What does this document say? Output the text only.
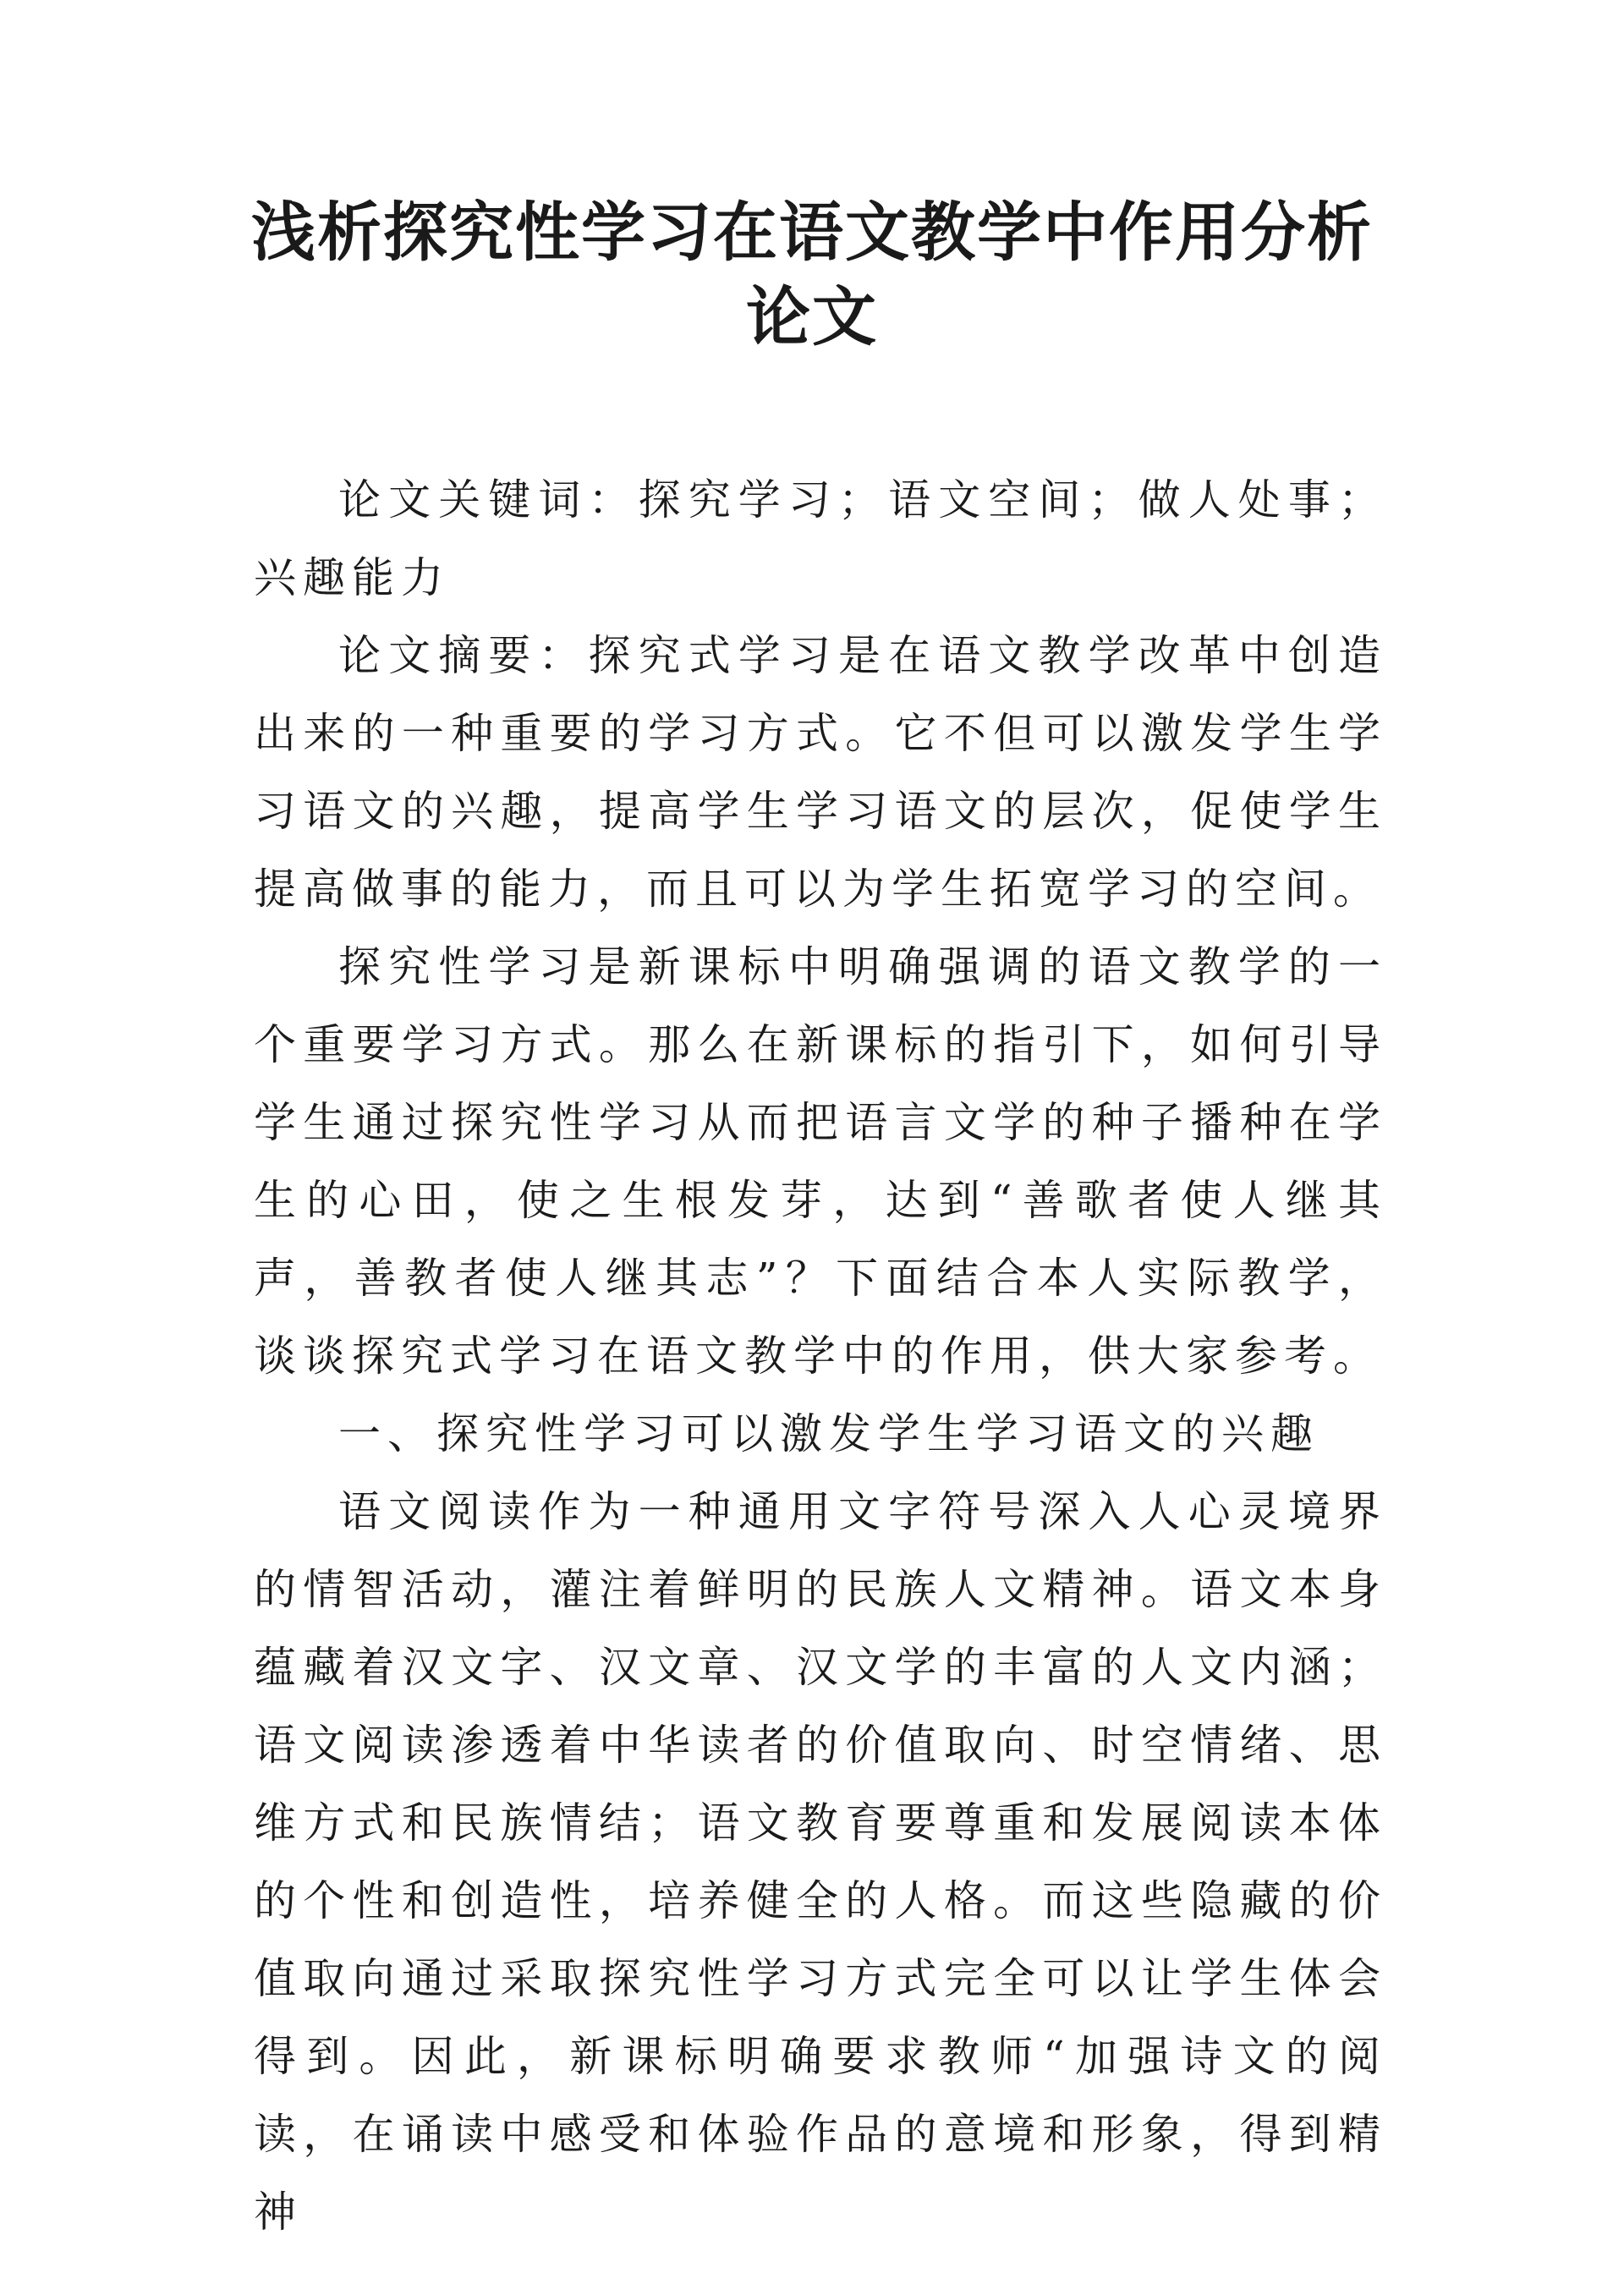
浅析探究性学习在语文教学中作用分析论文

论文关键词：探究学习；语文空间；做人处事；兴趣能力

论文摘要：探究式学习是在语文教学改革中创造出来的一种重要的学习方式。它不但可以激发学生学习语文的兴趣，提高学生学习语文的层次，促使学生提高做事的能力，而且可以为学生拓宽学习的空间。

探究性学习是新课标中明确强调的语文教学的一个重要学习方式。那么在新课标的指引下，如何引导学生通过探究性学习从而把语言文学的种子播种在学生的心田，使之生根发芽，达到“善歌者使人继其声，善教者使人继其志”？下面结合本人实际教学，谈谈探究式学习在语文教学中的作用，供大家参考。

一、探究性学习可以激发学生学习语文的兴趣

语文阅读作为一种通用文字符号深入人心灵境界的情智活动，灌注着鲜明的民族人文精神。语文本身蕴藏着汉文字、汉文章、汉文学的丰富的人文内涵；语文阅读渗透着中华读者的价值取向、时空情绪、思维方式和民族情结；语文教育要尊重和发展阅读本体的个性和创造性，培养健全的人格。而这些隐藏的价值取向通过采取探究性学习方式完全可以让学生体会得到。因此，新课标明确要求教师“加强诗文的阅读，在诵读中感受和体验作品的意境和形象，得到精神
